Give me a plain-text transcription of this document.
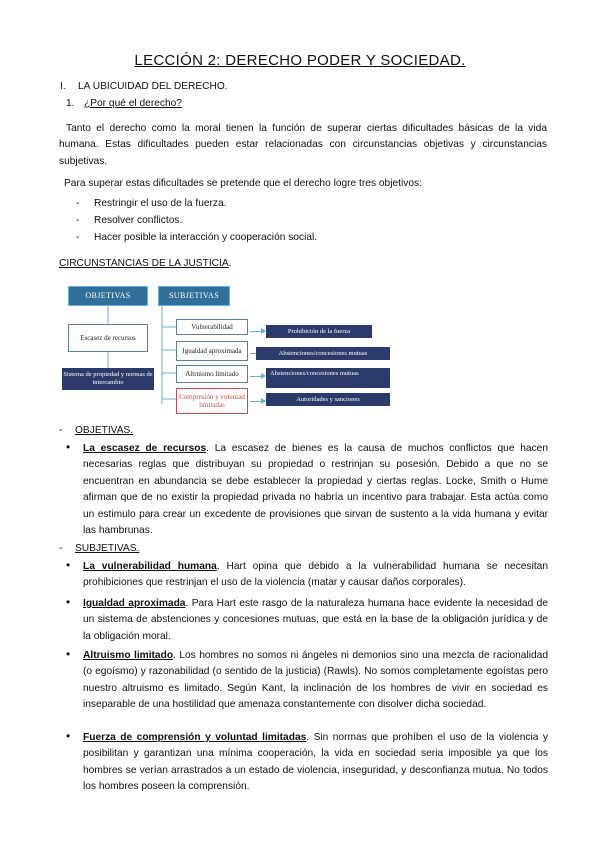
LECCIÓN 2: DERECHO PODER Y SOCIEDAD.
I. LA UBICUIDAD DEL DERECHO.
1. ¿Por qué el derecho?
Tanto el derecho como la moral tienen la función de superar ciertas dificultades básicas de la vida humana. Estas dificultades pueden estar relacionadas con circunstancias objetivas y circunstancias subjetivas.
Para superar estas dificultades se pretende que el derecho logre tres objetivos:
- Restringir el uso de la fuerza.
- Resolver conflictos.
- Hacer posible la interacción y cooperación social.
CIRCUNSTANCIAS DE LA JUSTICIA.
OBJETIVAS	SUBJETIVAS
Escasez de recursos
Sistema de propiedad y normas de intercambio
Vulnerabilidad
Igualdad aproximada
Altruismo limitado
Compresión y voluntad limitadas
Prohibición de la fuerza
Abstenciones/concesiones mutuas
Abstenciones/concesiones mutuas
Autoridades y sanciones
- OBJETIVAS.
• La escasez de recursos. La escasez de bienes es la causa de muchos conflictos que hacen necesarias reglas que distribuyan su propiedad o restrinjan su posesión. Debido a que no se encuentran en abundancia se debe establecer la propiedad y ciertas reglas. Locke, Smith o Hume afirman que de no existir la propiedad privada no habría un incentivo para trabajar. Esta actúa como un estimulo para crear un excedente de provisiones que sirvan de sustento a la vida humana y evitar las hambrunas.
- SUBJETIVAS.
• La vulnerabilidad humana. Hart opina que debido a la vulnerabilidad humana se necesitan prohibiciones que restrinjan el uso de la violencia (matar y causar daños corporales).
• Igualdad aproximada. Para Hart este rasgo de la naturaleza humana hace evidente la necesidad de un sistema de abstenciones y concesiones mutuas, que está en la base de la obligación jurídica y de la obligación moral.
• Altruismo limitado. Los hombres no somos ni ángeles ni demonios sino una mezcla de racionalidad (o egoísmo) y razonabilidad (o sentido de la justicia) (Rawls). No somos completamente egoístas pero nuestro altruismo es limitado. Según Kant, la inclinación de los hombres de vivir en sociedad es inseparable de una hostilidad que amenaza constantemente con disolver dicha sociedad.
• Fuerza de comprensión y voluntad limitadas. Sin normas que prohíben el uso de la violencia y posibilitan y garantizan una mínima cooperación, la vida en sociedad seria imposible ya que los hombres se verían arrastrados a un estado de violencia, inseguridad, y desconfianza mutua. No todos los hombres poseen la comprensión.
